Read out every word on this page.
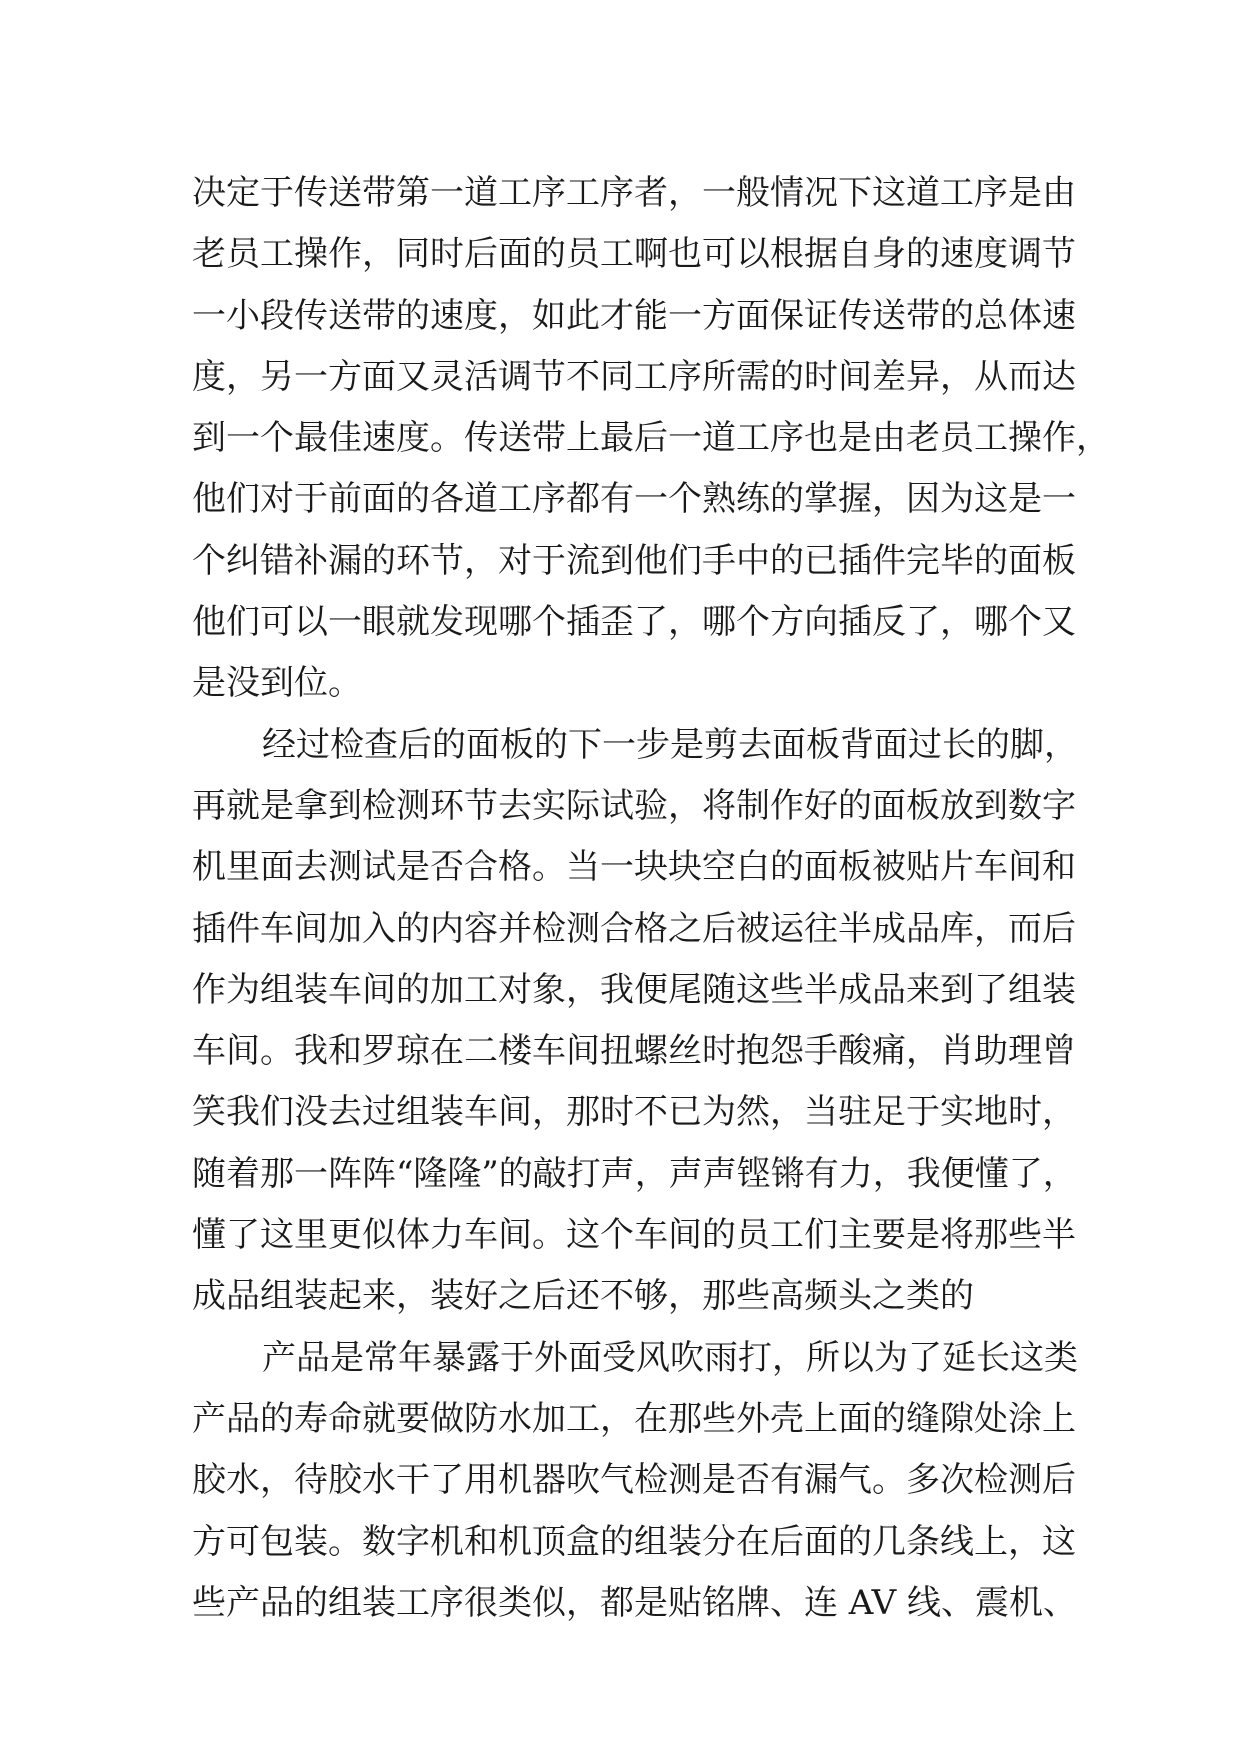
决定于传送带第一道工序工序者，一般情况下这道工序是由
老员工操作，同时后面的员工啊也可以根据自身的速度调节
一小段传送带的速度，如此才能一方面保证传送带的总体速
度，另一方面又灵活调节不同工序所需的时间差异，从而达
到一个最佳速度。传送带上最后一道工序也是由老员工操作，
他们对于前面的各道工序都有一个熟练的掌握，因为这是一
个纠错补漏的环节，对于流到他们手中的已插件完毕的面板
他们可以一眼就发现哪个插歪了，哪个方向插反了，哪个又
是没到位。
经过检查后的面板的下一步是剪去面板背面过长的脚，
再就是拿到检测环节去实际试验，将制作好的面板放到数字
机里面去测试是否合格。当一块块空白的面板被贴片车间和
插件车间加入的内容并检测合格之后被运往半成品库，而后
作为组装车间的加工对象，我便尾随这些半成品来到了组装
车间。我和罗琼在二楼车间扭螺丝时抱怨手酸痛，肖助理曾
笑我们没去过组装车间，那时不已为然，当驻足于实地时，
随着那一阵阵“隆隆”的敲打声，声声铿锵有力，我便懂了，
懂了这里更似体力车间。这个车间的员工们主要是将那些半
成品组装起来，装好之后还不够，那些高频头之类的
产品是常年暴露于外面受风吹雨打，所以为了延长这类
产品的寿命就要做防水加工，在那些外壳上面的缝隙处涂上
胶水，待胶水干了用机器吹气检测是否有漏气。多次检测后
方可包装。数字机和机顶盒的组装分在后面的几条线上，这
些产品的组装工序很类似，都是贴铭牌、连 AV 线、震机、
